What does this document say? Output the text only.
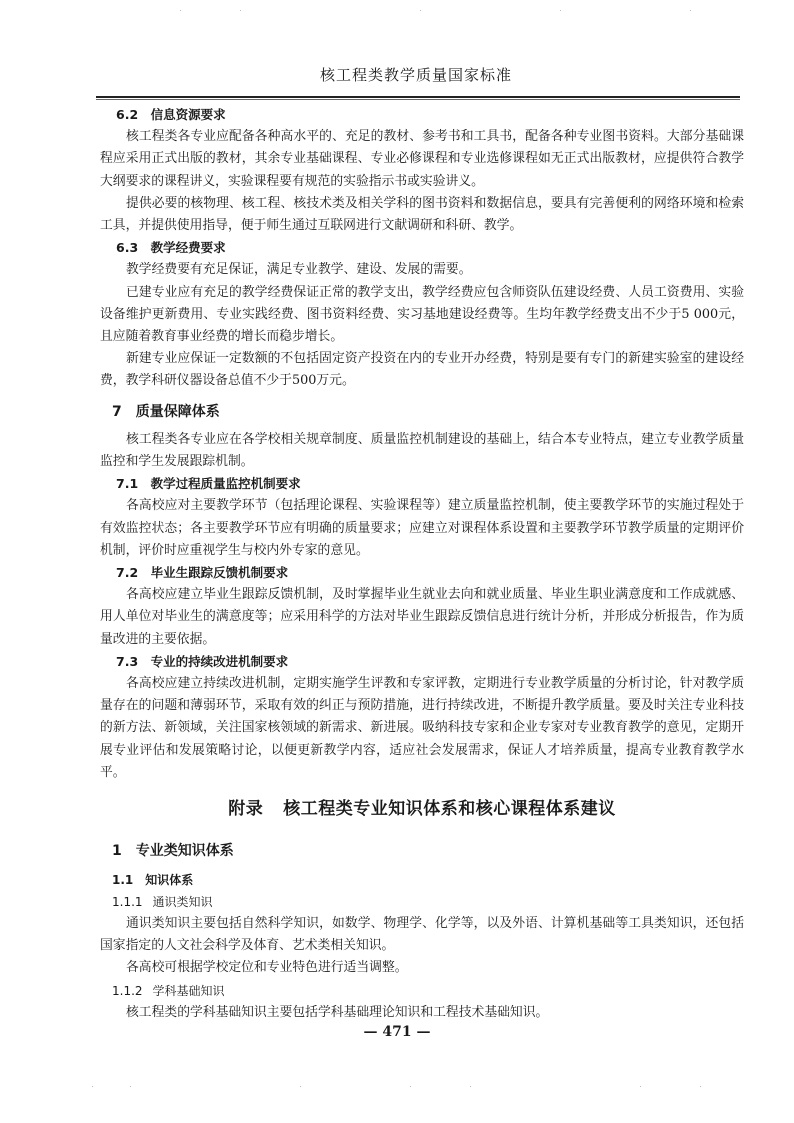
核工程类教学质量国家标准

6.2　信息资源要求

核工程类各专业应配备各种高水平的、充足的教材、参考书和工具书，配备各种专业图书资料。大部分基础课程应采用正式出版的教材，其余专业基础课程、专业必修课程和专业选修课程如无正式出版教材，应提供符合教学大纲要求的课程讲义，实验课程要有规范的实验指示书或实验讲义。

提供必要的核物理、核工程、核技术类及相关学科的图书资料和数据信息，要具有完善便利的网络环境和检索工具，并提供使用指导，便于师生通过互联网进行文献调研和科研、教学。

6.3　教学经费要求

教学经费要有充足保证，满足专业教学、建设、发展的需要。

已建专业应有充足的教学经费保证正常的教学支出，教学经费应包含师资队伍建设经费、人员工资费用、实验设备维护更新费用、专业实践经费、图书资料经费、实习基地建设经费等。生均年教学经费支出不少于5 000元，且应随着教育事业经费的增长而稳步增长。

新建专业应保证一定数额的不包括固定资产投资在内的专业开办经费，特别是要有专门的新建实验室的建设经费，教学科研仪器设备总值不少于500万元。

7　质量保障体系

核工程类各专业应在各学校相关规章制度、质量监控机制建设的基础上，结合本专业特点，建立专业教学质量监控和学生发展跟踪机制。

7.1　教学过程质量监控机制要求

各高校应对主要教学环节（包括理论课程、实验课程等）建立质量监控机制，使主要教学环节的实施过程处于有效监控状态；各主要教学环节应有明确的质量要求；应建立对课程体系设置和主要教学环节教学质量的定期评价机制，评价时应重视学生与校内外专家的意见。

7.2　毕业生跟踪反馈机制要求

各高校应建立毕业生跟踪反馈机制，及时掌握毕业生就业去向和就业质量、毕业生职业满意度和工作成就感、用人单位对毕业生的满意度等；应采用科学的方法对毕业生跟踪反馈信息进行统计分析，并形成分析报告，作为质量改进的主要依据。

7.3　专业的持续改进机制要求

各高校应建立持续改进机制，定期实施学生评教和专家评教，定期进行专业教学质量的分析讨论，针对教学质量存在的问题和薄弱环节，采取有效的纠正与预防措施，进行持续改进，不断提升教学质量。要及时关注专业科技的新方法、新领域，关注国家核领域的新需求、新进展。吸纳科技专家和企业专家对专业教育教学的意见，定期开展专业评估和发展策略讨论，以便更新教学内容，适应社会发展需求，保证人才培养质量，提高专业教育教学水平。

附录 核工程类专业知识体系和核心课程体系建议

1　专业类知识体系

1.1　知识体系

1.1.1 通识类知识

通识类知识主要包括自然科学知识，如数学、物理学、化学等，以及外语、计算机基础等工具类知识，还包括国家指定的人文社会科学及体育、艺术类相关知识。

各高校可根据学校定位和专业特色进行适当调整。

1.1.2 学科基础知识

核工程类的学科基础知识主要包括学科基础理论知识和工程技术基础知识。

— 471 —
